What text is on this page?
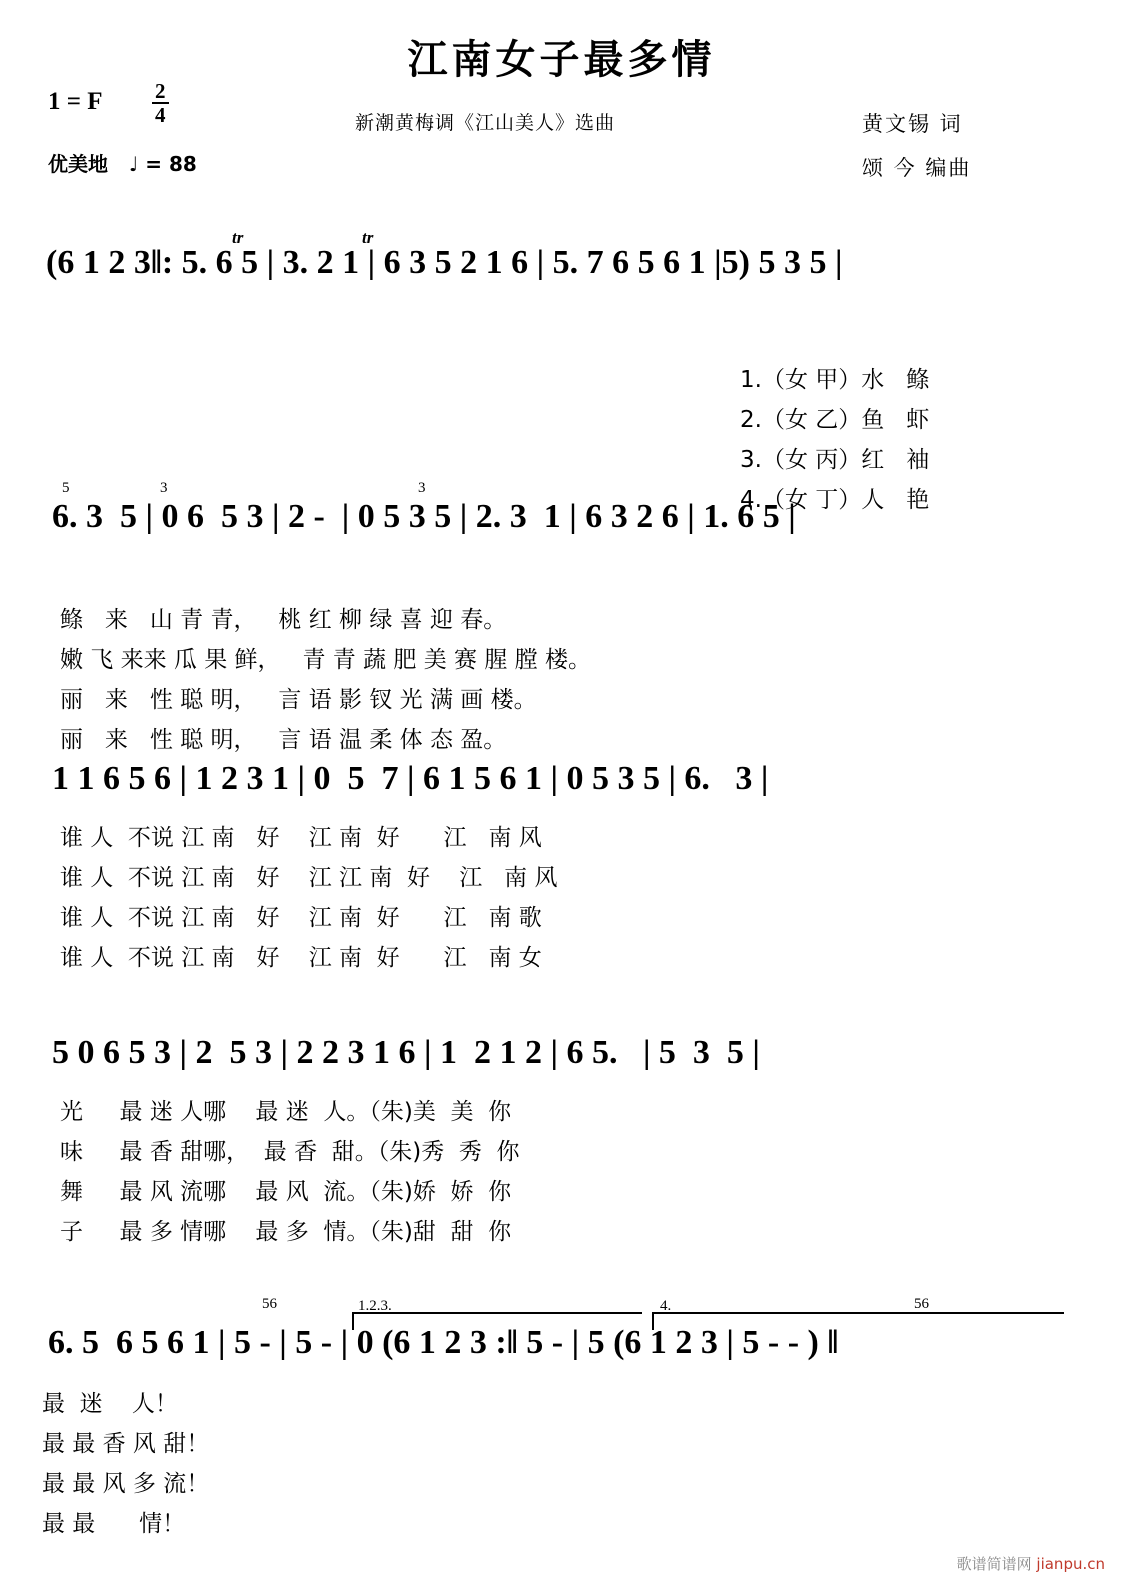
江南女子最多情
新潮黄梅调《江山美人》选曲
1 = F $\frac{2}{4}$
优美地   ♩ = 88
黄文锡 词
颂 今 编曲
tr	tr
(6 1 2 3‖: 5. 6 5 | 3. 2 1 | 6 3 5 2 1 6 | 5. 7 6 5 6 1 |5) 5 3 5 |
1.（女 甲）水   鲦
2.（女 乙）鱼   虾
3.（女 丙）红   袖
4.（女 丁）人   艳
5	3	3
6. 3  5 | 0 6  5 3 | 2 -  | 0 5 3 5 | 2. 3  1 | 6 3 2 6 | 1. 6 5 |
鲦   来   山 青 青，   桃 红 柳 绿 喜 迎 春。
嫩 飞 来来 瓜 果 鲜，   青 青 蔬 肥 美 赛 腥 膛 楼。
丽   来   性 聪 明，   言 语 影 钗 光 满 画 楼。
丽   来   性 聪 明，   言 语 温 柔 体 态 盈。
1 1 6 5 6 | 1 2 3 1 | 0  5  7 | 6 1 5 6 1 | 0 5 3 5 | 6.   3 |
谁 人  不说 江 南   好    江 南  好      江   南 风
谁 人  不说 江 南   好    江 江 南  好    江   南 风
谁 人  不说 江 南   好    江 南  好      江   南 歌
谁 人  不说 江 南   好    江 南  好      江   南 女
5 0 6 5 3 | 2  5 3 | 2 2 3 1 6 | 1  2 1 2 | 6 5.   | 5  3  5 |
光     最 迷 人哪    最 迷  人。（朱)美  美  你
味     最 香 甜哪，  最 香  甜。（朱)秀  秀  你
舞     最 风 流哪    最 风  流。（朱)娇  娇  你
子     最 多 情哪    最 多  情。（朱)甜  甜  你
56	1.2.3.	4.	56
6. 5  6 5 6 1 | 5 - | 5 - | 0 (6 1 2 3 :‖ 5 - | 5 (6 1 2 3 | 5 - - ) ‖
最  迷    人！
最 最 香 风 甜！
最 最 风 多 流！
最 最      情！
歌谱简谱网 jianpu.cn
